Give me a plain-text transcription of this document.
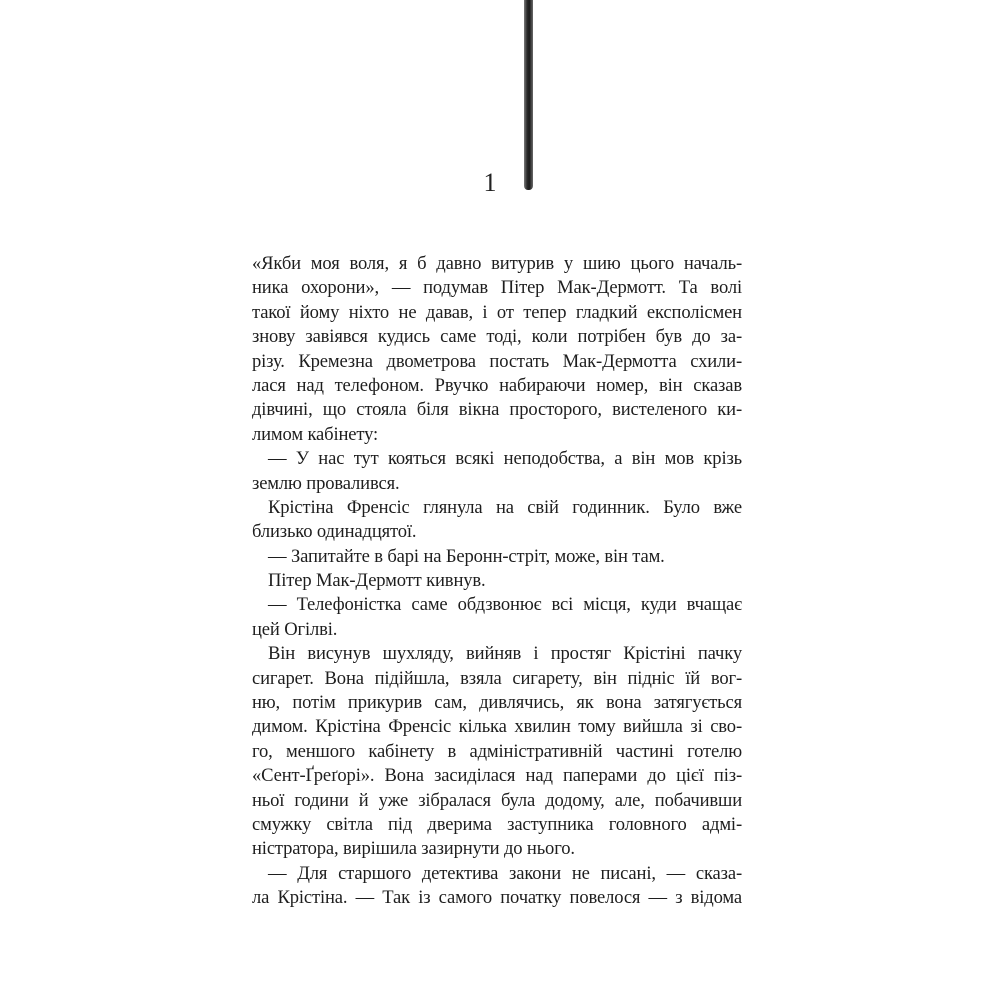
1
«Якби моя воля, я б давно витурив у шию цього началь-
ника охорони», — подумав Пітер Мак-Дермотт. Та волі
такої йому ніхто не давав, і от тепер гладкий експолісмен
знову завіявся кудись саме тоді, коли потрібен був до за-
різу. Кремезна двометрова постать Мак-Дермотта схили-
лася над телефоном. Рвучко набираючи номер, він сказав
дівчині, що стояла біля вікна просторого, вистеленого ки-
лимом кабінету:
— У нас тут кояться всякі неподобства, а він мов крізь
землю провалився.
Крістіна Френсіс глянула на свій годинник. Було вже
близько одинадцятої.
— Запитайте в барі на Беронн-стріт, може, він там.
Пітер Мак-Дермотт кивнув.
— Телефоністка саме обдзвонює всі місця, куди вчащає
цей Огілві.
Він висунув шухляду, вийняв і простяг Крістіні пачку
сигарет. Вона підійшла, взяла сигарету, він підніс їй вог-
ню, потім прикурив сам, дивлячись, як вона затягується
димом. Крістіна Френсіс кілька хвилин тому вийшла зі сво-
го, меншого кабінету в адміністративній частині готелю
«Сент-Ґреґорі». Вона засиділася над паперами до цієї піз-
ньої години й уже зібралася була додому, але, побачивши
смужку світла під дверима заступника головного адмі-
ністратора, вирішила зазирнути до нього.
— Для старшого детектива закони не писані, — сказа-
ла Крістіна. — Так із самого початку повелося — з відома
